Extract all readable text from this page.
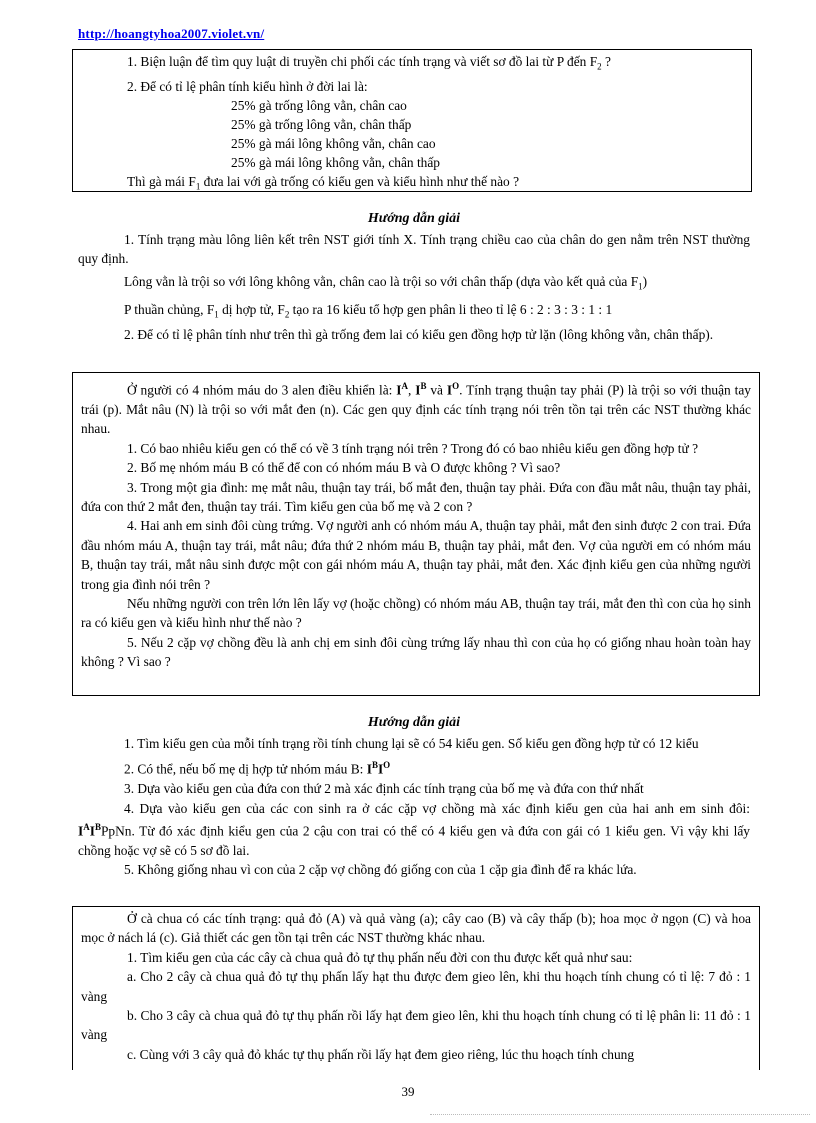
http://hoangtyhoa2007.violet.vn/

1. Biện luận để tìm quy luật di truyền chi phối các tính trạng và viết sơ đồ lai từ P đến $F_2$ ?

2. Để có tỉ lệ phân tính kiểu hình ở đời lai là:

25% gà trống lông vằn, chân cao

25% gà trống lông vằn, chân thấp

25% gà mái lông không vằn, chân cao

25% gà mái lông không vằn, chân thấp

Thì gà mái $F_1$ đưa lai với gà trống có kiểu gen và kiểu hình như thế nào ?

Hướng dẫn giải

1. Tính trạng màu lông liên kết trên NST giới tính X. Tính trạng chiều cao của chân do gen nằm trên NST thường quy định.

Lông vằn là trội so với lông không vằn, chân cao là trội so với chân thấp (dựa vào kết quả của $F_1$)

P thuần chủng, $F_1$ dị hợp tử, $F_2$ tạo ra 16 kiểu tổ hợp gen phân li theo tỉ lệ 6 : 2 : 3 : 3 : 1 : 1

2. Để có tỉ lệ phân tính như trên thì gà trống đem lai có kiểu gen đồng hợp tử lặn (lông không vằn, chân thấp).

Ở người có 4 nhóm máu do 3 alen điều khiển là: $I^A$, $I^B$ và $I^O$. Tính trạng thuận tay phải (P) là trội so với thuận tay trái (p). Mắt nâu (N) là trội so với mắt đen (n). Các gen quy định các tính trạng nói trên tồn tại trên các NST thường khác nhau.

1. Có bao nhiêu kiểu gen có thể có về 3 tính trạng nói trên ? Trong đó có bao nhiêu kiểu gen đồng hợp tử ?

2. Bố mẹ nhóm máu B có thể để con có nhóm máu B và O được không ? Vì sao?

3. Trong một gia đình: mẹ mắt nâu, thuận tay trái, bố mắt đen, thuận tay phải. Đứa con đầu mắt nâu, thuận tay phải, đứa con thứ 2 mắt đen, thuận tay trái. Tìm kiểu gen của bố mẹ và 2 con ?

4. Hai anh em sinh đôi cùng trứng. Vợ người anh có nhóm máu A, thuận tay phải, mắt đen sinh được 2 con trai. Đứa đầu nhóm máu A, thuận tay trái, mắt nâu; đứa thứ 2 nhóm máu B, thuận tay phải, mắt đen. Vợ của người em có nhóm máu B, thuận tay trái, mắt nâu sinh được một con gái nhóm máu A, thuận tay phải, mắt đen. Xác định kiểu gen của những người trong gia đình nói trên ?

Nếu những người con trên lớn lên lấy vợ (hoặc chồng) có nhóm máu AB, thuận tay trái, mắt đen thì con của họ sinh ra có kiểu gen và kiểu hình như thế nào ?

5. Nếu 2 cặp vợ chồng đều là anh chị em sinh đôi cùng trứng lấy nhau thì con của họ có giống nhau hoàn toàn hay không ? Vì sao ?

Hướng dẫn giải

1. Tìm kiểu gen của mỗi tính trạng rồi tính chung lại sẽ có 54 kiểu gen. Số kiểu gen đồng hợp tử có 12 kiểu

2. Có thể, nếu bố mẹ dị hợp tử nhóm máu B: $I^BI^O$

3. Dựa vào kiểu gen của đứa con thứ 2 mà xác định các tính trạng của bố mẹ và đứa con thứ nhất

4. Dựa vào kiểu gen của các con sinh ra ở các cặp vợ chồng mà xác định kiểu gen của hai anh em sinh đôi: $I^AI^BPpNn$. Từ đó xác định kiểu gen của 2 cậu con trai có thể có 4 kiểu gen và đứa con gái có 1 kiểu gen. Vì vậy khi lấy chồng hoặc vợ sẽ có 5 sơ đồ lai.

5. Không giống nhau vì con của 2 cặp vợ chồng đó giống con của 1 cặp gia đình để ra khác lứa.

Ở cà chua có các tính trạng: quả đỏ (A) và quả vàng (a); cây cao (B) và cây thấp (b); hoa mọc ở ngọn (C) và hoa mọc ở nách lá (c). Giả thiết các gen tồn tại trên các NST thường khác nhau.

1. Tìm kiểu gen của các cây cà chua quả đỏ tự thụ phấn nếu đời con thu được kết quả như sau:

a. Cho 2 cây cà chua quả đỏ tự thụ phấn lấy hạt thu được đem gieo lên, khi thu hoạch tính chung có tỉ lệ: 7 đỏ : 1 vàng

b. Cho 3 cây cà chua quả đỏ tự thụ phấn rồi lấy hạt đem gieo lên, khi thu hoạch tính chung có tỉ lệ phân li: 11 đỏ : 1 vàng

c. Cùng với 3 cây quả đỏ khác tự thụ phấn rồi lấy hạt đem gieo riêng, lúc thu hoạch tính chung

39
